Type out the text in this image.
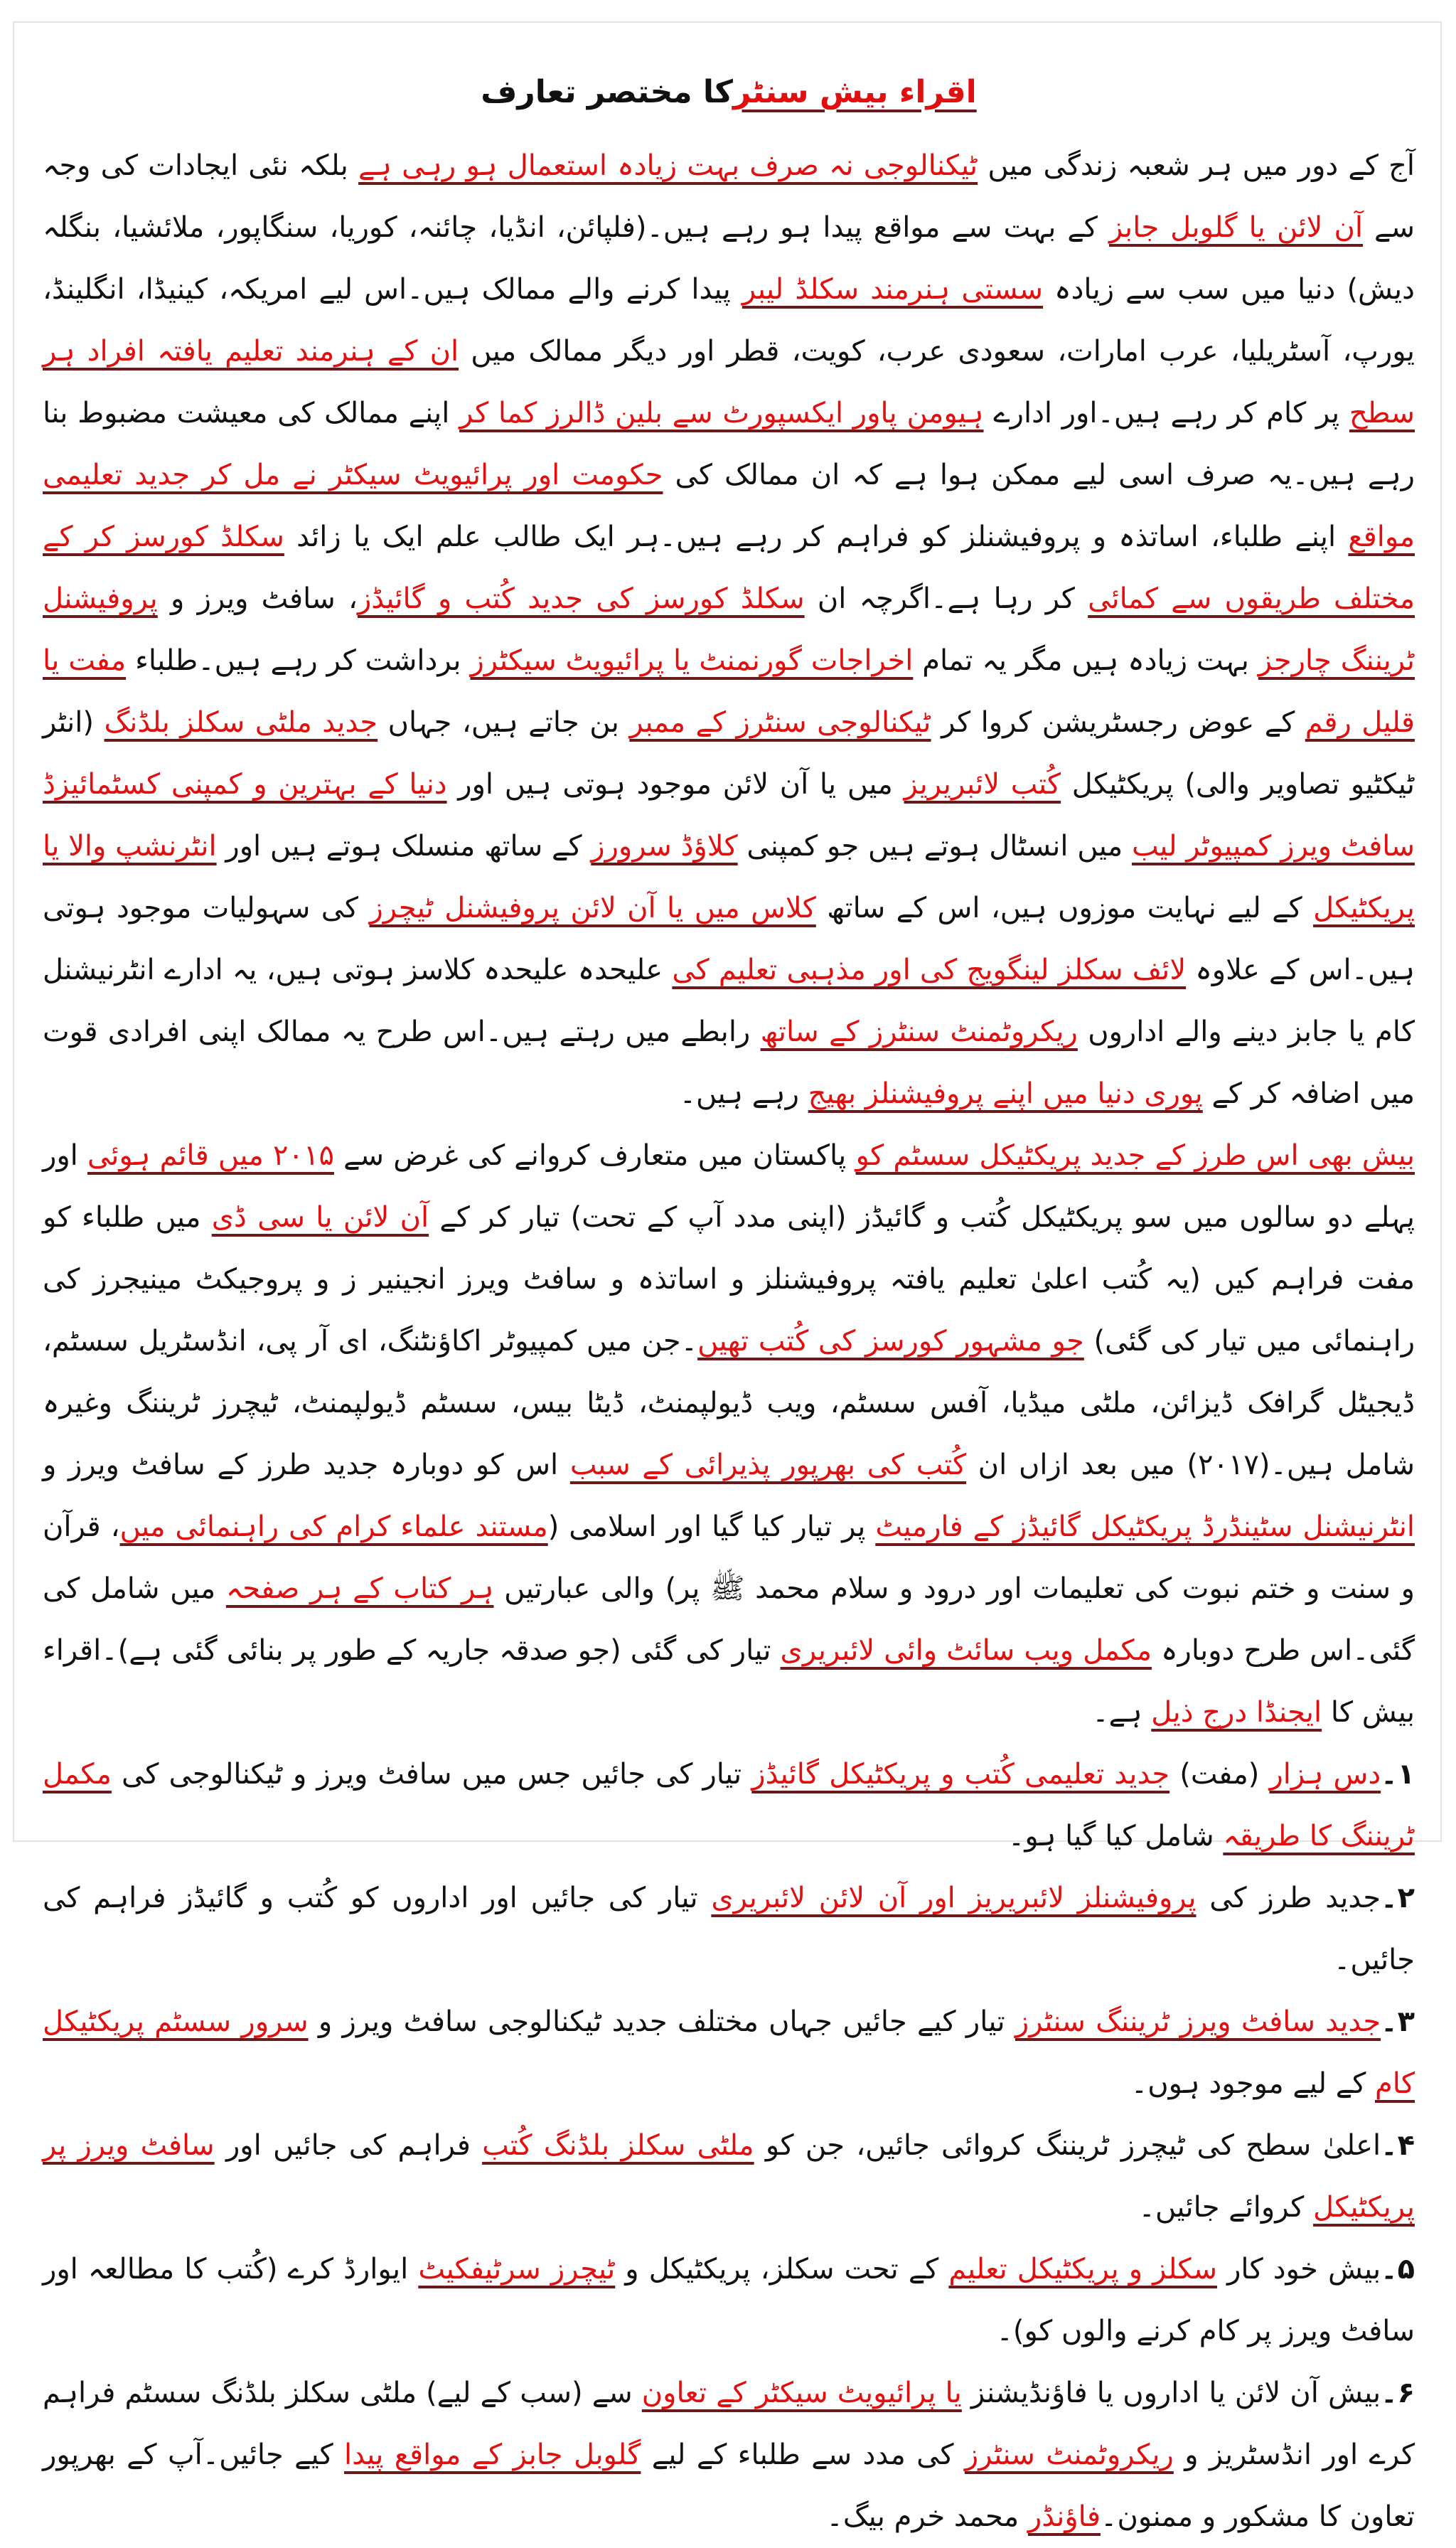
اقراء بیش سنٹرکا مختصر تعارف

آج کے دور میں ہر شعبہ زندگی میں ٹیکنالوجی نہ صرف بہت زیادہ استعمال ہو رہی ہے بلکہ نئی ایجادات کی وجہ سے آن لائن یا گلوبل جابز کے بہت سے مواقع پیدا ہو رہے ہیں۔(فلپائن، انڈیا، چائنہ، کوریا، سنگاپور، ملائشیا، بنگلہ دیش) دنیا میں سب سے زیادہ سستی ہنرمند سکلڈ لیبر پیدا کرنے والے ممالک ہیں۔اس لیے امریکہ، کینیڈا، انگلینڈ، یورپ، آسٹریلیا، عرب امارات، سعودی عرب، کویت، قطر اور دیگر ممالک میں ان کے ہنرمند تعلیم یافتہ افراد ہر سطح پر کام کر رہے ہیں۔اور ادارے ہیومن پاور ایکسپورٹ سے بلین ڈالرز کما کر اپنے ممالک کی معیشت مضبوط بنا رہے ہیں۔یہ صرف اسی لیے ممکن ہوا ہے کہ ان ممالک کی حکومت اور پرائیویٹ سیکٹر نے مل کر جدید تعلیمی مواقع اپنے طلباء، اساتذہ و پروفیشنلز کو فراہم کر رہے ہیں۔ہر ایک طالب علم ایک یا زائد سکلڈ کورسز کر کے مختلف طریقوں سے کمائی کر رہا ہے۔اگرچہ ان سکلڈ کورسز کی جدید کُتب و گائیڈز، سافٹ ویرز و پروفیشنل ٹریننگ چارجز بہت زیادہ ہیں مگر یہ تمام اخراجات گورنمنٹ یا پرائیویٹ سیکٹرز برداشت کر رہے ہیں۔طلباء مفت یا قلیل رقم کے عوض رجسٹریشن کروا کر ٹیکنالوجی سنٹرز کے ممبر بن جاتے ہیں، جہاں جدید ملٹی سکلز بلڈنگ (انٹر ٹیکٹیو تصاویر والی) پریکٹیکل کُتب لائبریریز میں یا آن لائن موجود ہوتی ہیں اور دنیا کے بہترین و کمپنی کسٹمائیزڈ سافٹ ویرز کمپیوٹر لیب میں انسٹال ہوتے ہیں جو کمپنی کلاؤڈ سرورز کے ساتھ منسلک ہوتے ہیں اور انٹرنشپ والا یا پریکٹیکل کے لیے نہایت موزوں ہیں، اس کے ساتھ کلاس میں یا آن لائن پروفیشنل ٹیچرز کی سہولیات موجود ہوتی ہیں۔اس کے علاوہ لائف سکلز لینگویج کی اور مذہبی تعلیم کی علیحدہ علیحدہ کلاسز ہوتی ہیں، یہ ادارے انٹرنیشنل کام یا جابز دینے والے اداروں ریکروٹمنٹ سنٹرز کے ساتھ رابطے میں رہتے ہیں۔اس طرح یہ ممالک اپنی افرادی قوت میں اضافہ کر کے پوری دنیا میں اپنے پروفیشنلز بھیج رہے ہیں۔

بیش بھی اس طرز کے جدید پریکٹیکل سسٹم کو پاکستان میں متعارف کروانے کی غرض سے ۲۰۱۵ میں قائم ہوئی اور پہلے دو سالوں میں سو پریکٹیکل کُتب و گائیڈز (اپنی مدد آپ کے تحت) تیار کر کے آن لائن یا سی ڈی میں طلباء کو مفت فراہم کیں (یہ کُتب اعلیٰ تعلیم یافتہ پروفیشنلز و اساتذہ و سافٹ ویرز انجینیر ز و پروجیکٹ مینیجرز کی راہنمائی میں تیار کی گئی) جو مشہور کورسز کی کُتب تھیں۔جن میں کمپیوٹر اکاؤنٹنگ، ای آر پی، انڈسٹریل سسٹم، ڈیجیٹل گرافک ڈیزائن، ملٹی میڈیا، آفس سسٹم، ویب ڈیولپمنٹ، ڈیٹا بیس، سسٹم ڈیولپمنٹ، ٹیچرز ٹریننگ وغیرہ شامل ہیں۔(۲۰۱۷) میں بعد ازاں ان کُتب کی بھرپور پذیرائی کے سبب اس کو دوبارہ جدید طرز کے سافٹ ویرز و انٹرنیشنل سٹینڈرڈ پریکٹیکل گائیڈز کے فارمیٹ پر تیار کیا گیا اور اسلامی (مستند علماء کرام کی راہنمائی میں، قرآن و سنت و ختم نبوت کی تعلیمات اور درود و سلام محمد ﷺ پر) والی عبارتیں ہر کتاب کے ہر صفحہ میں شامل کی گئی۔اس طرح دوبارہ مکمل ویب سائٹ وائی لائبریری تیار کی گئی (جو صدقہ جاریہ کے طور پر بنائی گئی ہے)۔اقراء بیش کا ایجنڈا درج ذیل ہے۔

۱۔دس ہزار (مفت) جدید تعلیمی کُتب و پریکٹیکل گائیڈز تیار کی جائیں جس میں سافٹ ویرز و ٹیکنالوجی کی مکمل ٹریننگ کا طریقہ شامل کیا گیا ہو۔

۲۔جدید طرز کی پروفیشنلز لائبریریز اور آن لائن لائبریری تیار کی جائیں اور اداروں کو کُتب و گائیڈز فراہم کی جائیں۔

۳۔جدید سافٹ ویرز ٹریننگ سنٹرز تیار کیے جائیں جہاں مختلف جدید ٹیکنالوجی سافٹ ویرز و سرور سسٹم پریکٹیکل کام کے لیے موجود ہوں۔

۴۔اعلیٰ سطح کی ٹیچرز ٹریننگ کروائی جائیں، جن کو ملٹی سکلز بلڈنگ کُتب فراہم کی جائیں اور سافٹ ویرز پر پریکٹیکل کروائے جائیں۔

۵۔بیش خود کار سکلز و پریکٹیکل تعلیم کے تحت سکلز، پریکٹیکل و ٹیچرز سرٹیفکیٹ ایوارڈ کرے (کُتب کا مطالعہ اور سافٹ ویرز پر کام کرنے والوں کو)۔

۶۔بیش آن لائن یا اداروں یا فاؤنڈیشنز یا پرائیویٹ سیکٹر کے تعاون سے (سب کے لیے) ملٹی سکلز بلڈنگ سسٹم فراہم کرے اور انڈسٹریز و ریکروٹمنٹ سنٹرز کی مدد سے طلباء کے لیے گلوبل جابز کے مواقع پیدا کیے جائیں۔آپ کے بھرپور تعاون کا مشکور و ممنون۔فاؤنڈر محمد خرم بیگ۔
